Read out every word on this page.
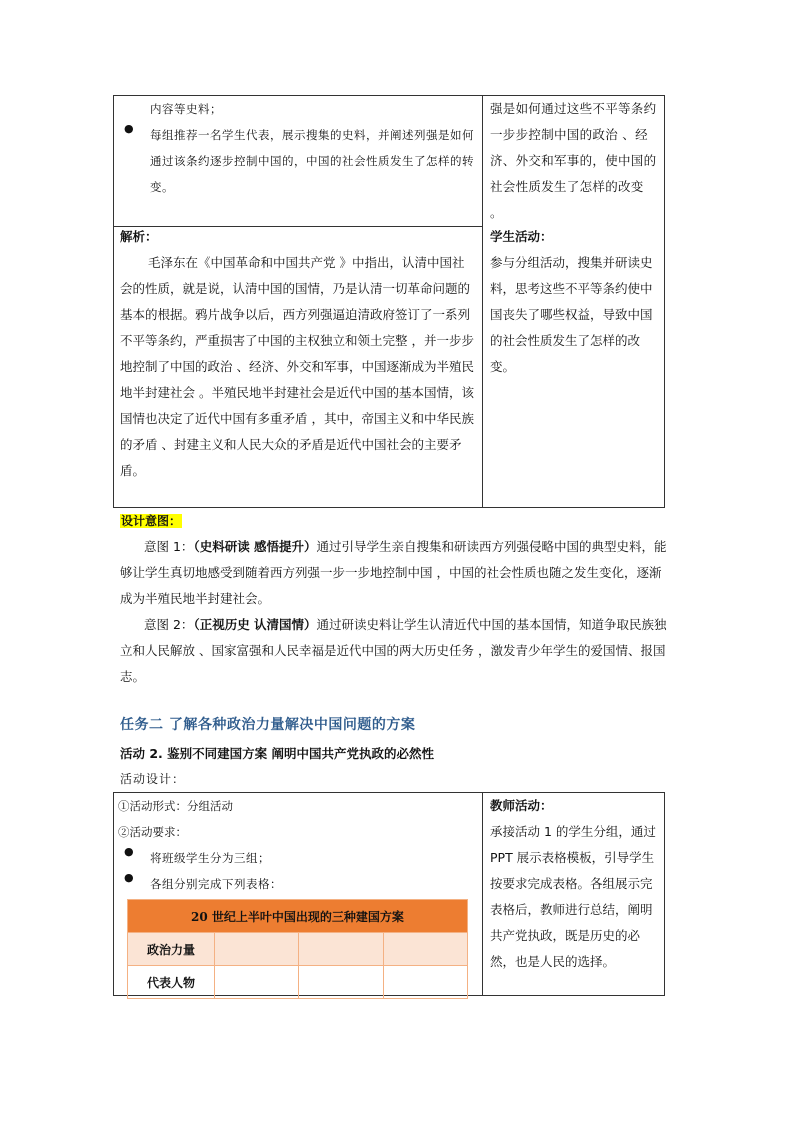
内容等史料；
● 每组推荐一名学生代表，展示搜集的史料，并阐述列强是如何通过该条约逐步控制中国的，中国的社会性质发生了怎样的转变。
解析：
毛泽东在《中国革命和中国共产党 》中指出，认清中国社会的性质，就是说，认清中国的国情，乃是认清一切革命问题的基本的根据。鸦片战争以后，西方列强逼迫清政府签订了一系列不平等条约，严重损害了中国的主权独立和领土完整 ，并一步步地控制了中国的政治 、经济、外交和军事，中国逐渐成为半殖民地半封建社会 。半殖民地半封建社会是近代中国的基本国情，该国情也决定了近代中国有多重矛盾 ，其中，帝国主义和中华民族的矛盾 、封建主义和人民大众的矛盾是近代中国社会的主要矛盾。
强是如何通过这些不平等条约一步步控制中国的政治 、经济、外交和军事的，使中国的社会性质发生了怎样的改变 。
学生活动：
参与分组活动，搜集并研读史料，思考这些不平等条约使中国丧失了哪些权益，导致中国的社会性质发生了怎样的改变。
设计意图：
意图 1：（史料研读 感悟提升）通过引导学生亲自搜集和研读西方列强侵略中国的典型史料，能够让学生真切地感受到随着西方列强一步一步地控制中国 ，中国的社会性质也随之发生变化，逐渐成为半殖民地半封建社会。
意图 2：（正视历史 认清国情）通过研读史料让学生认清近代中国的基本国情，知道争取民族独立和人民解放 、国家富强和人民幸福是近代中国的两大历史任务 ，激发青少年学生的爱国情、报国志。
任务二 了解各种政治力量解决中国问题的方案
活动 2. 鉴别不同建国方案 阐明中国共产党执政的必然性
活动设计：
①活动形式：分组活动
②活动要求：
● 将班级学生分为三组；
● 各组分别完成下列表格：
20 世纪上半叶中国出现的三种建国方案			
政治力量			
代表人物			
教师活动：
承接活动 1 的学生分组，通过 PPT 展示表格模板，引导学生按要求完成表格。各组展示完表格后，教师进行总结，阐明共产党执政，既是历史的必然，也是人民的选择。
